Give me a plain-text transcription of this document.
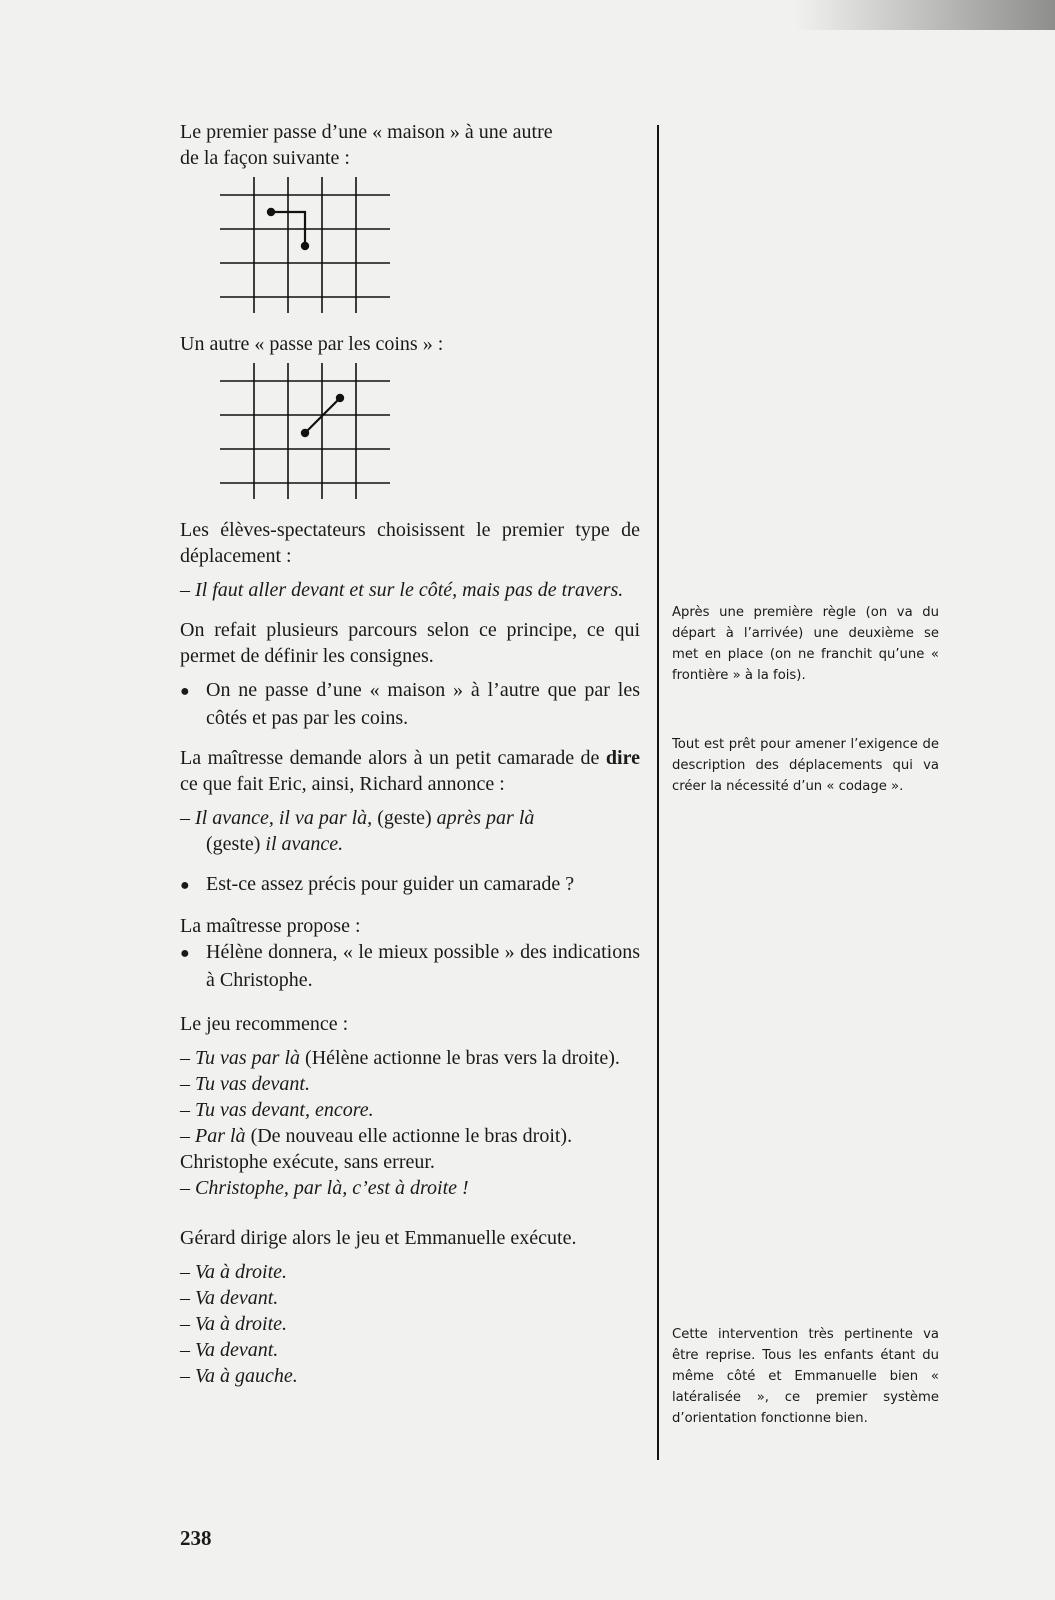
Le premier passe d’une « maison » à une autre

de la façon suivante :

Un autre « passe par les coins » :

Les élèves-spectateurs choisissent le premier type de déplacement :

– Il faut aller devant et sur le côté, mais pas de travers.

On refait plusieurs parcours selon ce principe, ce qui permet de définir les consignes.

● On ne passe d’une « maison » à l’autre que par les côtés et pas par les coins.

La maîtresse demande alors à un petit camarade de dire ce que fait Eric, ainsi, Richard annonce :

– Il avance, il va par là, (geste) après par là
(geste) il avance.

● Est-ce assez précis pour guider un camarade ?

La maîtresse propose :

● Hélène donnera, « le mieux possible » des indications à Christophe.

Le jeu recommence :

– Tu vas par là (Hélène actionne le bras vers la droite).

– Tu vas devant.

– Tu vas devant, encore.

– Par là (De nouveau elle actionne le bras droit).

Christophe exécute, sans erreur.

– Christophe, par là, c’est à droite !

Gérard dirige alors le jeu et Emmanuelle exécute.

– Va à droite.

– Va devant.

– Va à droite.

– Va devant.

– Va à gauche.

Après une première règle (on va du départ à l’arrivée) une deuxième se met en place (on ne franchit qu’une « frontière » à la fois).

Tout est prêt pour amener l’exigence de description des déplacements qui va créer la nécessité d’un « codage ».

Cette intervention très pertinente va être reprise. Tous les enfants étant du même côté et Emmanuelle bien « latéralisée », ce premier système d’orientation fonctionne bien.

238
